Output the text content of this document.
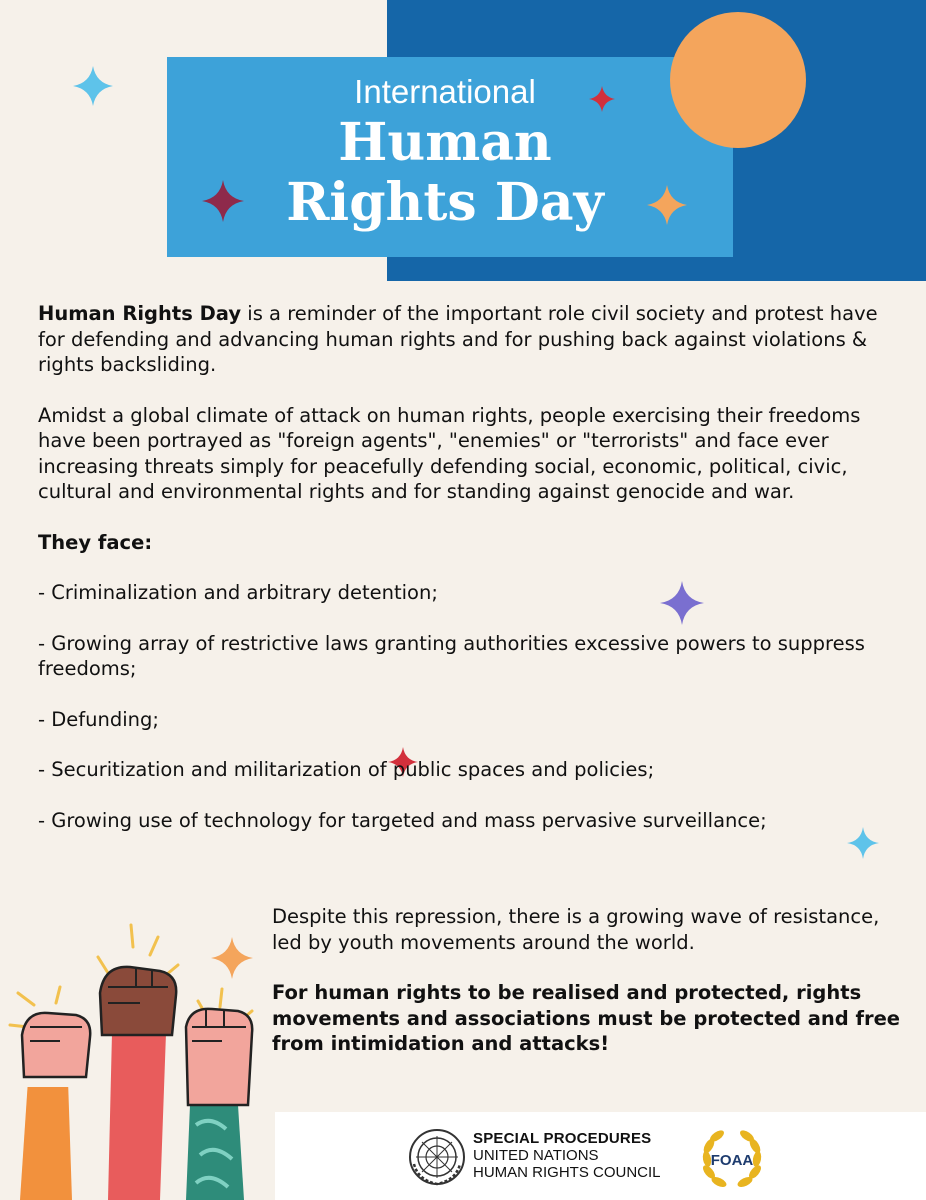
International
Human
Rights Day

Human Rights Day is a reminder of the important role civil society and protest have for defending and advancing human rights and for pushing back against violations & rights backsliding.

Amidst a global climate of attack on human rights, people exercising their freedoms have been portrayed as "foreign agents", "enemies" or "terrorists" and face ever increasing threats simply for peacefully defending social, economic, political, civic, cultural and environmental rights and for standing against genocide and war.

They face:

- Criminalization and arbitrary detention;

- Growing array of restrictive laws granting authorities excessive powers to suppress freedoms;

- Defunding;

- Securitization and militarization of public spaces and policies;

- Growing use of technology for targeted and mass pervasive surveillance;

Despite this repression, there is a growing wave of resistance, led by youth movements around the world.

For human rights to be realised and protected, rights movements and associations must be protected and free from intimidation and attacks!

SPECIAL PROCEDURES
UNITED NATIONS
HUMAN RIGHTS COUNCIL
FOAA
